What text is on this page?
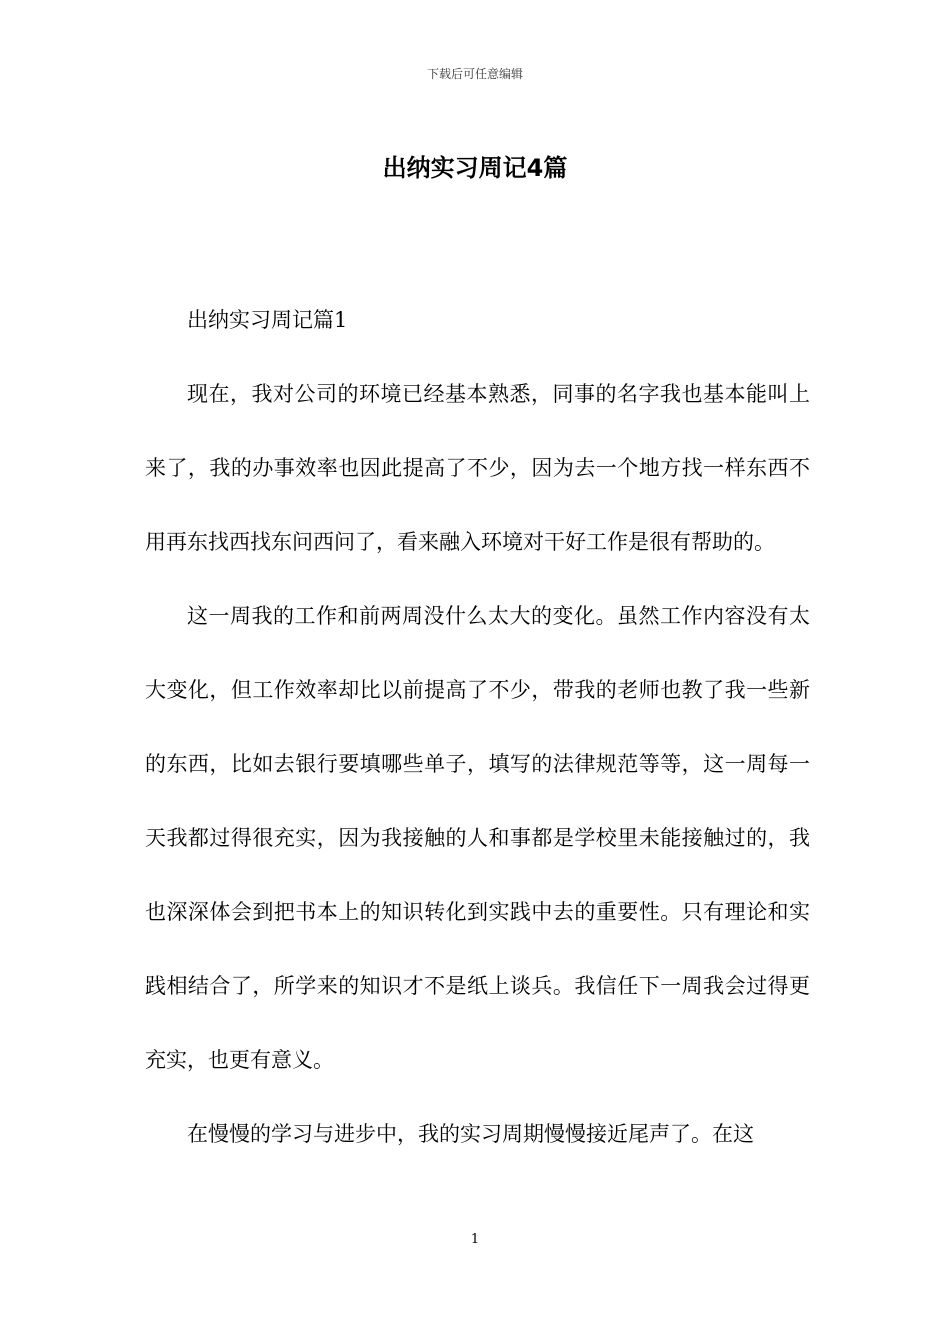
下载后可任意编辑
出纳实习周记4篇

出纳实习周记篇1

现在，我对公司的环境已经基本熟悉，同事的名字我也基本能叫上来了，我的办事效率也因此提高了不少，因为去一个地方找一样东西不用再东找西找东问西问了，看来融入环境对干好工作是很有帮助的。

这一周我的工作和前两周没什么太大的变化。虽然工作内容没有太大变化，但工作效率却比以前提高了不少，带我的老师也教了我一些新的东西，比如去银行要填哪些单子，填写的法律规范等等，这一周每一天我都过得很充实，因为我接触的人和事都是学校里未能接触过的，我也深深体会到把书本上的知识转化到实践中去的重要性。只有理论和实践相结合了，所学来的知识才不是纸上谈兵。我信任下一周我会过得更充实，也更有意义。

在慢慢的学习与进步中，我的实习周期慢慢接近尾声了。在这

1
